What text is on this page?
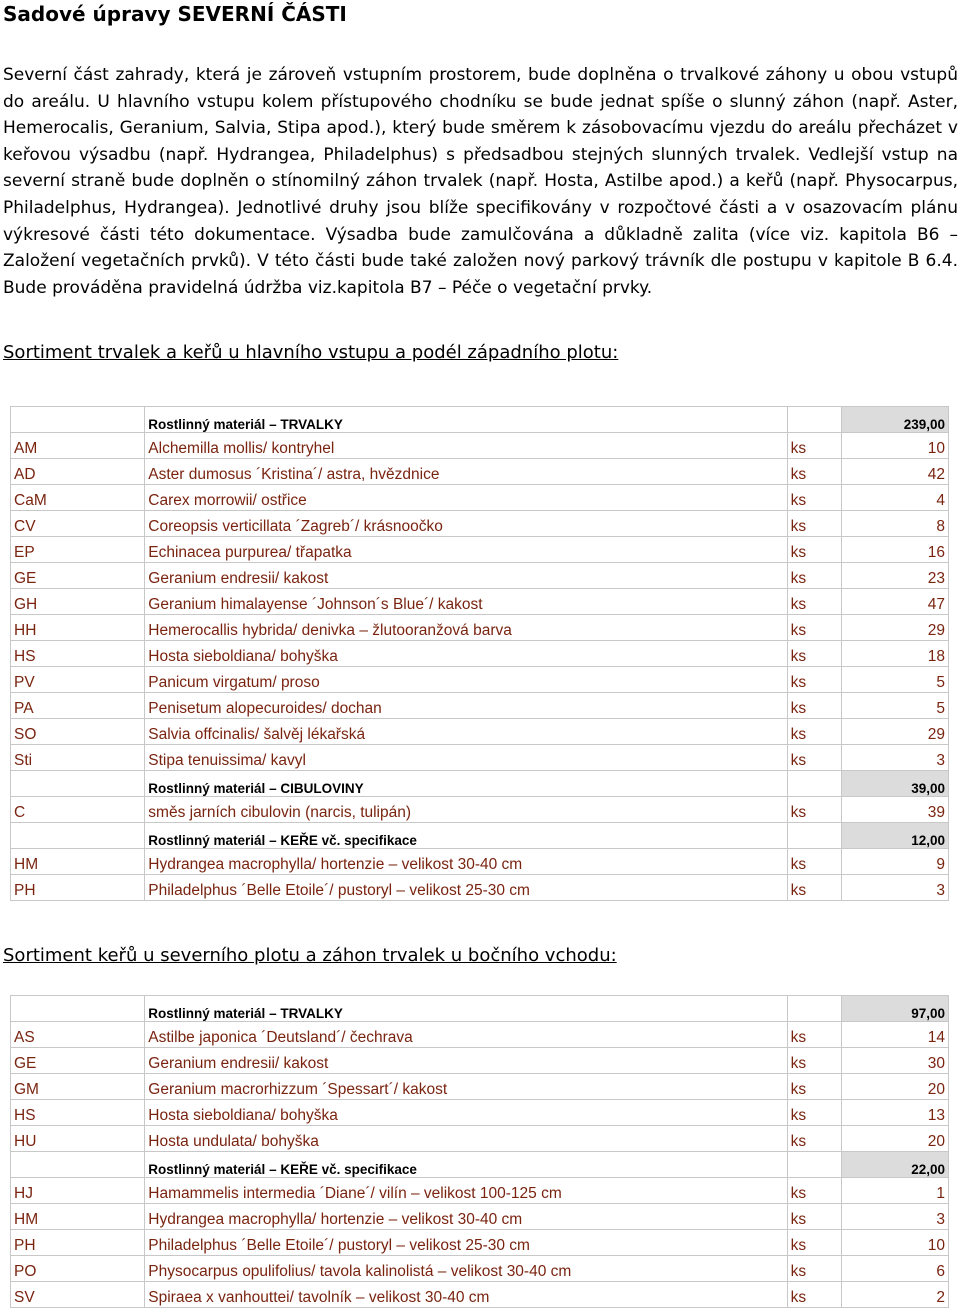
Sadové úpravy SEVERNÍ ČÁSTI
Severní část zahrady, která je zároveň vstupním prostorem, bude doplněna o trvalkové záhony u obou vstupů do areálu. U hlavního vstupu kolem přístupového chodníku se bude jednat spíše o slunný záhon (např. Aster, Hemerocalis, Geranium, Salvia, Stipa apod.), který bude směrem k zásobovacímu vjezdu do areálu přecházet v keřovou výsadbu (např. Hydrangea, Philadelphus) s předsadbou stejných slunných trvalek. Vedlejší vstup na severní straně bude doplněn o stínomilný záhon trvalek (např. Hosta, Astilbe apod.) a keřů (např. Physocarpus, Philadelphus, Hydrangea). Jednotlivé druhy jsou blíže specifikovány v rozpočtové části a v osazovacím plánu výkresové části této dokumentace. Výsadba bude zamulčována a důkladně zalita (více viz. kapitola B6 – Založení vegetačních prvků). V této části bude také založen nový parkový trávník dle postupu v kapitole B 6.4. Bude prováděna pravidelná údržba viz.kapitola B7 – Péče o vegetační prvky.
Sortiment trvalek a keřů u hlavního vstupu a podél západního plotu:
	Rostlinný materiál – TRVALKY		239,00
AM	Alchemilla mollis/ kontryhel	ks	10
AD	Aster dumosus ´Kristina´/ astra, hvězdnice	ks	42
CaM	Carex morrowii/ ostřice	ks	4
CV	Coreopsis verticillata ´Zagreb´/ krásnoočko	ks	8
EP	Echinacea purpurea/ třapatka	ks	16
GE	Geranium endresii/ kakost	ks	23
GH	Geranium himalayense ´Johnson´s Blue´/ kakost	ks	47
HH	Hemerocallis hybrida/ denivka – žlutooranžová barva	ks	29
HS	Hosta sieboldiana/ bohyška	ks	18
PV	Panicum virgatum/ proso	ks	5
PA	Penisetum alopecuroides/ dochan	ks	5
SO	Salvia offcinalis/ šalvěj lékařská	ks	29
Sti	Stipa tenuissima/ kavyl	ks	3
	Rostlinný materiál – CIBULOVINY		39,00
C	směs jarních cibulovin (narcis, tulipán)	ks	39
	Rostlinný materiál – KEŘE vč. specifikace		12,00
HM	Hydrangea macrophylla/ hortenzie – velikost 30-40 cm	ks	9
PH	Philadelphus ´Belle Etoile´/ pustoryl – velikost 25-30 cm	ks	3
Sortiment keřů u severního plotu a záhon trvalek u bočního vchodu:
	Rostlinný materiál – TRVALKY		97,00
AS	Astilbe japonica ´Deutsland´/ čechrava	ks	14
GE	Geranium endresii/ kakost	ks	30
GM	Geranium macrorhizzum ´Spessart´/ kakost	ks	20
HS	Hosta sieboldiana/ bohyška	ks	13
HU	Hosta undulata/ bohyška	ks	20
	Rostlinný materiál – KEŘE vč. specifikace		22,00
HJ	Hamammelis intermedia ´Diane´/ vilín – velikost 100-125 cm	ks	1
HM	Hydrangea macrophylla/ hortenzie – velikost 30-40 cm	ks	3
PH	Philadelphus ´Belle Etoile´/ pustoryl – velikost 25-30 cm	ks	10
PO	Physocarpus opulifolius/ tavola kalinolistá – velikost 30-40 cm	ks	6
SV	Spiraea x vanhouttei/ tavolník – velikost 30-40 cm	ks	2
